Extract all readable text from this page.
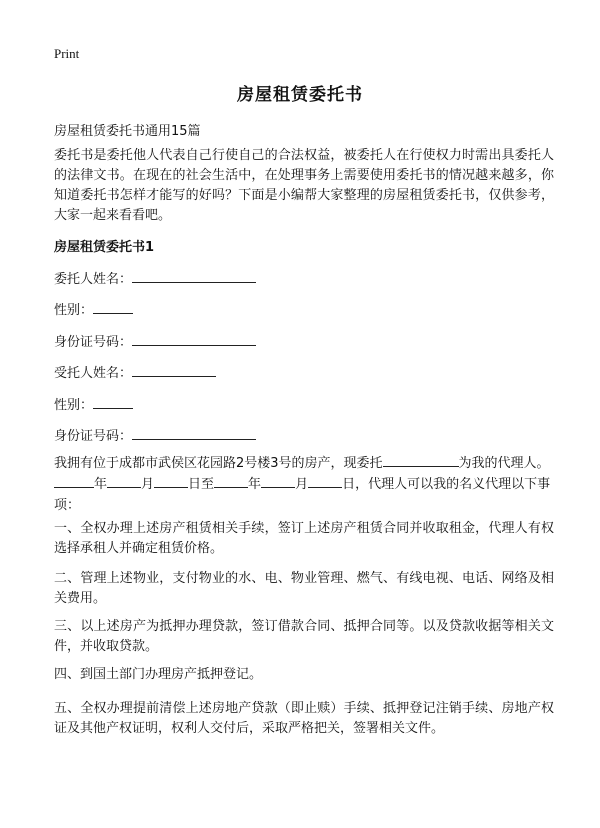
Print
房屋租赁委托书
房屋租赁委托书通用15篇
委托书是委托他人代表自己行使自己的合法权益，被委托人在行使权力时需出具委托人的法律文书。在现在的社会生活中，在处理事务上需要使用委托书的情况越来越多，你知道委托书怎样才能写的好吗？下面是小编帮大家整理的房屋租赁委托书，仅供参考，大家一起来看看吧。
房屋租赁委托书1
委托人姓名：
性别：
身份证号码：
受托人姓名：
性别：
身份证号码：
我拥有位于成都市武侯区花园路2号楼3号的房产，现委托	为我的代理人。年	月	日至	年	月	日，代理人可以我的名义代理以下事项：
一、全权办理上述房产租赁相关手续，签订上述房产租赁合同并收取租金，代理人有权选择承租人并确定租赁价格。
二、管理上述物业，支付物业的水、电、物业管理、燃气、有线电视、电话、网络及相关费用。
三、以上述房产为抵押办理贷款，签订借款合同、抵押合同等。以及贷款收据等相关文件，并收取贷款。
四、到国土部门办理房产抵押登记。
五、全权办理提前清偿上述房地产贷款（即止赎）手续、抵押登记注销手续、房地产权证及其他产权证明，权利人交付后，采取严格把关，签署相关文件。
